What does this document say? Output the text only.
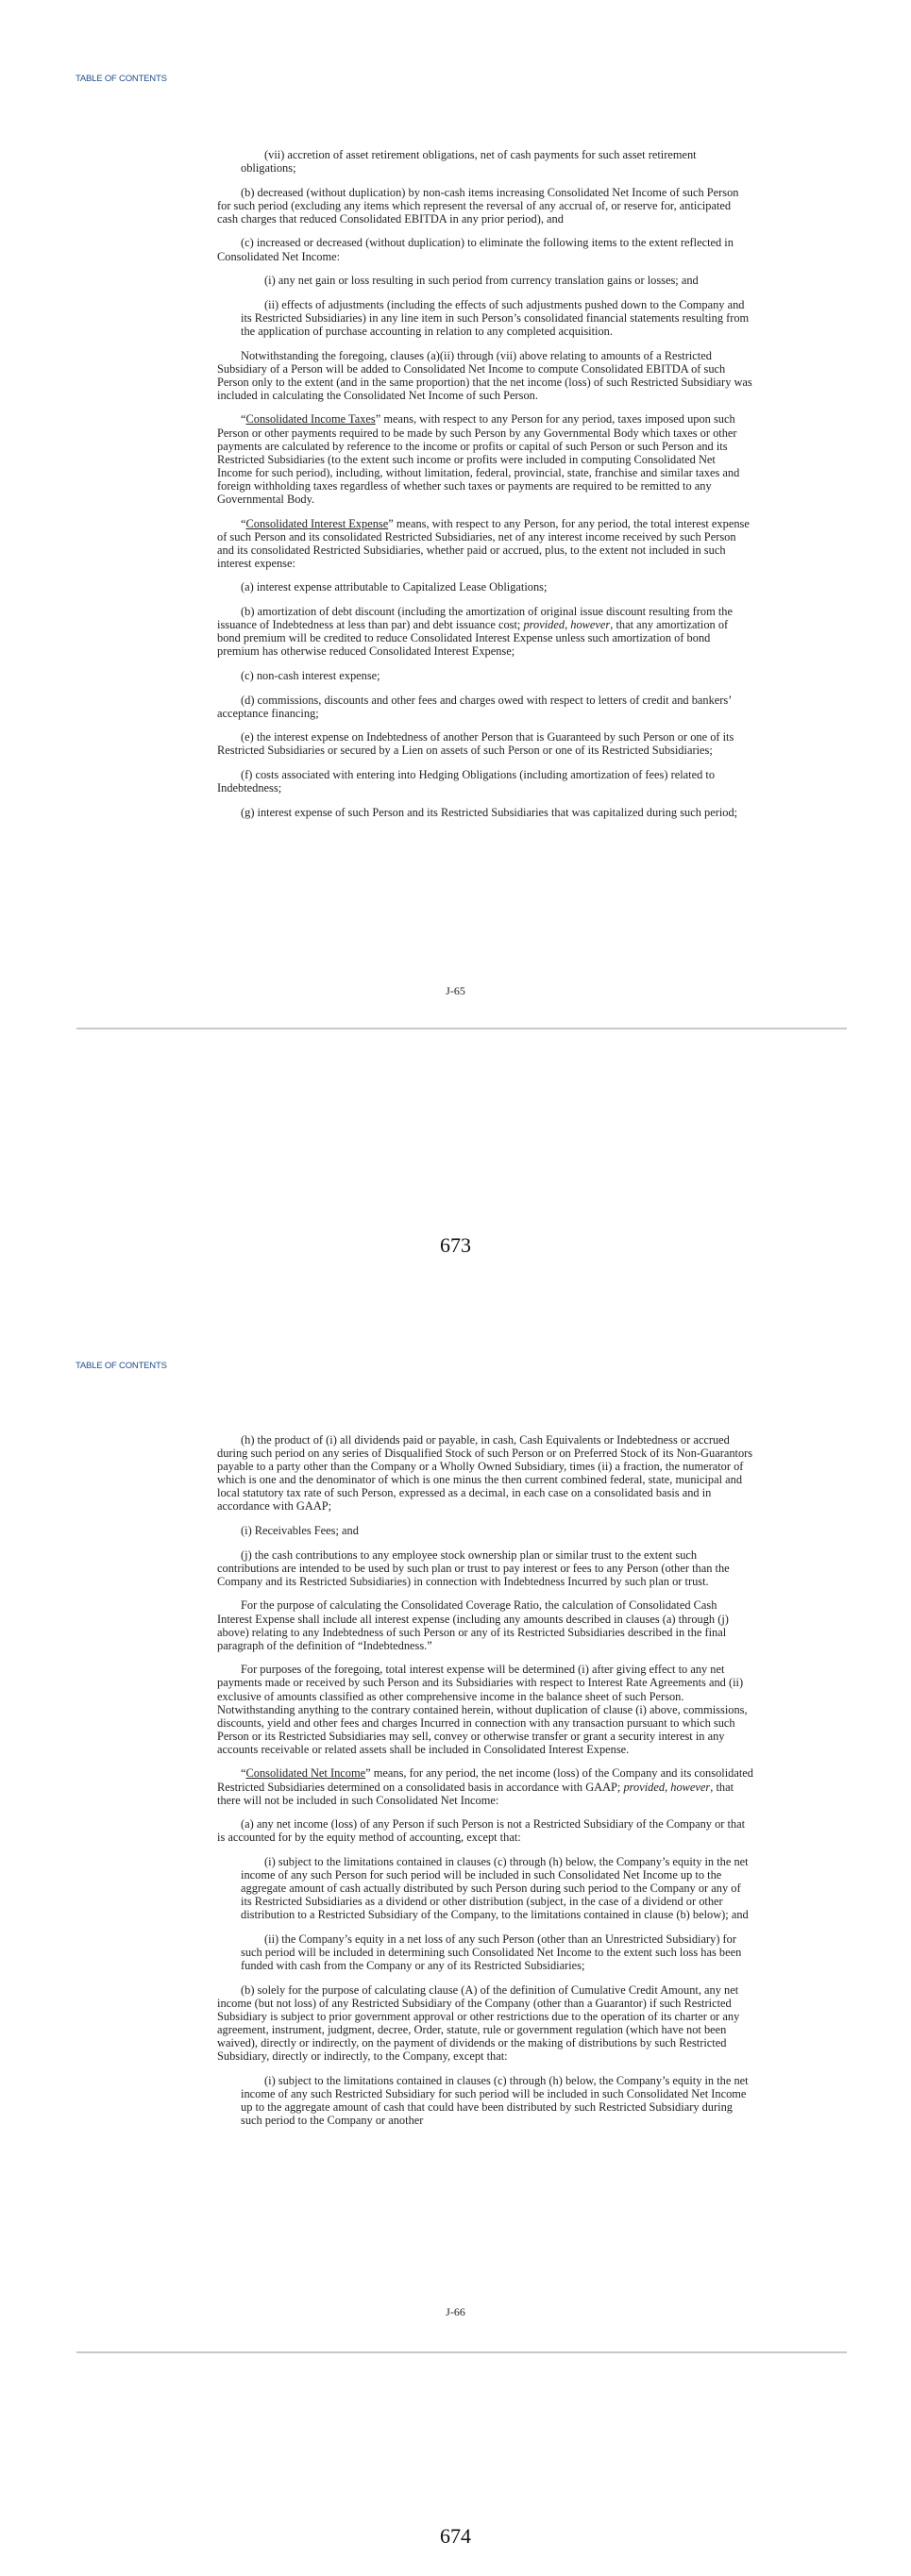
TABLE OF CONTENTS

(vii) accretion of asset retirement obligations, net of cash payments for such asset retirement obligations;

(b) decreased (without duplication) by non-cash items increasing Consolidated Net Income of such Person for such period (excluding any items which represent the reversal of any accrual of, or reserve for, anticipated cash charges that reduced Consolidated EBITDA in any prior period), and

(c) increased or decreased (without duplication) to eliminate the following items to the extent reflected in Consolidated Net Income:

(i) any net gain or loss resulting in such period from currency translation gains or losses; and

(ii) effects of adjustments (including the effects of such adjustments pushed down to the Company and its Restricted Subsidiaries) in any line item in such Person’s consolidated financial statements resulting from the application of purchase accounting in relation to any completed acquisition.

Notwithstanding the foregoing, clauses (a)(ii) through (vii) above relating to amounts of a Restricted Subsidiary of a Person will be added to Consolidated Net Income to compute Consolidated EBITDA of such Person only to the extent (and in the same proportion) that the net income (loss) of such Restricted Subsidiary was included in calculating the Consolidated Net Income of such Person.

“Consolidated Income Taxes” means, with respect to any Person for any period, taxes imposed upon such Person or other payments required to be made by such Person by any Governmental Body which taxes or other payments are calculated by reference to the income or profits or capital of such Person or such Person and its Restricted Subsidiaries (to the extent such income or profits were included in computing Consolidated Net Income for such period), including, without limitation, federal, provincial, state, franchise and similar taxes and foreign withholding taxes regardless of whether such taxes or payments are required to be remitted to any Governmental Body.

“Consolidated Interest Expense” means, with respect to any Person, for any period, the total interest expense of such Person and its consolidated Restricted Subsidiaries, net of any interest income received by such Person and its consolidated Restricted Subsidiaries, whether paid or accrued, plus, to the extent not included in such interest expense:

(a) interest expense attributable to Capitalized Lease Obligations;

(b) amortization of debt discount (including the amortization of original issue discount resulting from the issuance of Indebtedness at less than par) and debt issuance cost; provided, however, that any amortization of bond premium will be credited to reduce Consolidated Interest Expense unless such amortization of bond premium has otherwise reduced Consolidated Interest Expense;

(c) non-cash interest expense;

(d) commissions, discounts and other fees and charges owed with respect to letters of credit and bankers’ acceptance financing;

(e) the interest expense on Indebtedness of another Person that is Guaranteed by such Person or one of its Restricted Subsidiaries or secured by a Lien on assets of such Person or one of its Restricted Subsidiaries;

(f) costs associated with entering into Hedging Obligations (including amortization of fees) related to Indebtedness;

(g) interest expense of such Person and its Restricted Subsidiaries that was capitalized during such period;

J-65
673
TABLE OF CONTENTS

(h) the product of (i) all dividends paid or payable, in cash, Cash Equivalents or Indebtedness or accrued during such period on any series of Disqualified Stock of such Person or on Preferred Stock of its Non-Guarantors payable to a party other than the Company or a Wholly Owned Subsidiary, times (ii) a fraction, the numerator of which is one and the denominator of which is one minus the then current combined federal, state, municipal and local statutory tax rate of such Person, expressed as a decimal, in each case on a consolidated basis and in accordance with GAAP;

(i) Receivables Fees; and

(j) the cash contributions to any employee stock ownership plan or similar trust to the extent such contributions are intended to be used by such plan or trust to pay interest or fees to any Person (other than the Company and its Restricted Subsidiaries) in connection with Indebtedness Incurred by such plan or trust.

For the purpose of calculating the Consolidated Coverage Ratio, the calculation of Consolidated Cash Interest Expense shall include all interest expense (including any amounts described in clauses (a) through (j) above) relating to any Indebtedness of such Person or any of its Restricted Subsidiaries described in the final paragraph of the definition of “Indebtedness.”

For purposes of the foregoing, total interest expense will be determined (i) after giving effect to any net payments made or received by such Person and its Subsidiaries with respect to Interest Rate Agreements and (ii) exclusive of amounts classified as other comprehensive income in the balance sheet of such Person. Notwithstanding anything to the contrary contained herein, without duplication of clause (i) above, commissions, discounts, yield and other fees and charges Incurred in connection with any transaction pursuant to which such Person or its Restricted Subsidiaries may sell, convey or otherwise transfer or grant a security interest in any accounts receivable or related assets shall be included in Consolidated Interest Expense.

“Consolidated Net Income” means, for any period, the net income (loss) of the Company and its consolidated Restricted Subsidiaries determined on a consolidated basis in accordance with GAAP; provided, however, that there will not be included in such Consolidated Net Income:

(a) any net income (loss) of any Person if such Person is not a Restricted Subsidiary of the Company or that is accounted for by the equity method of accounting, except that:

(i) subject to the limitations contained in clauses (c) through (h) below, the Company’s equity in the net income of any such Person for such period will be included in such Consolidated Net Income up to the aggregate amount of cash actually distributed by such Person during such period to the Company or any of its Restricted Subsidiaries as a dividend or other distribution (subject, in the case of a dividend or other distribution to a Restricted Subsidiary of the Company, to the limitations contained in clause (b) below); and

(ii) the Company’s equity in a net loss of any such Person (other than an Unrestricted Subsidiary) for such period will be included in determining such Consolidated Net Income to the extent such loss has been funded with cash from the Company or any of its Restricted Subsidiaries;

(b) solely for the purpose of calculating clause (A) of the definition of Cumulative Credit Amount, any net income (but not loss) of any Restricted Subsidiary of the Company (other than a Guarantor) if such Restricted Subsidiary is subject to prior government approval or other restrictions due to the operation of its charter or any agreement, instrument, judgment, decree, Order, statute, rule or government regulation (which have not been waived), directly or indirectly, on the payment of dividends or the making of distributions by such Restricted Subsidiary, directly or indirectly, to the Company, except that:

(i) subject to the limitations contained in clauses (c) through (h) below, the Company’s equity in the net income of any such Restricted Subsidiary for such period will be included in such Consolidated Net Income up to the aggregate amount of cash that could have been distributed by such Restricted Subsidiary during such period to the Company or another

J-66
674
